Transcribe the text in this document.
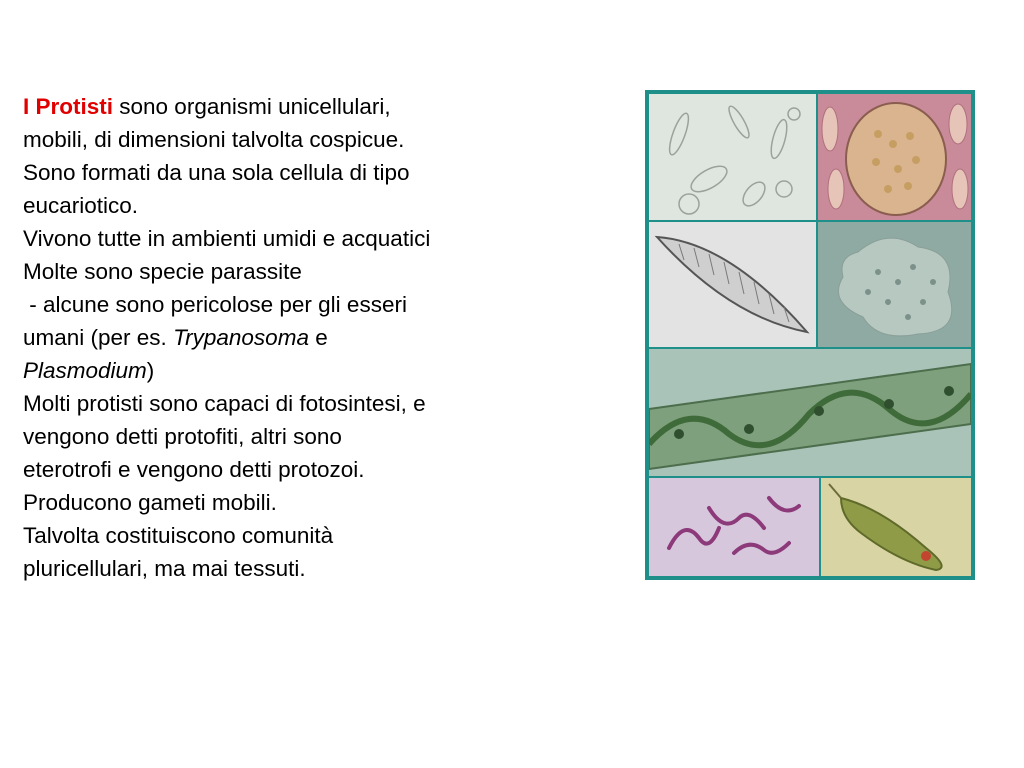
I Protisti sono organismi unicellulari,
mobili, di dimensioni talvolta cospicue.
Sono formati da una sola cellula di tipo
eucariotico.
Vivono tutte in ambienti umidi e acquatici
Molte sono specie parassite
- alcune sono pericolose per gli esseri
umani (per es. Trypanosoma e
Plasmodium)
Molti protisti sono capaci di fotosintesi, e
vengono detti protofiti, altri sono
eterotrofi e vengono detti protozoi.
Producono gameti mobili.
Talvolta costituiscono comunità
pluricellulari, ma mai tessuti.
